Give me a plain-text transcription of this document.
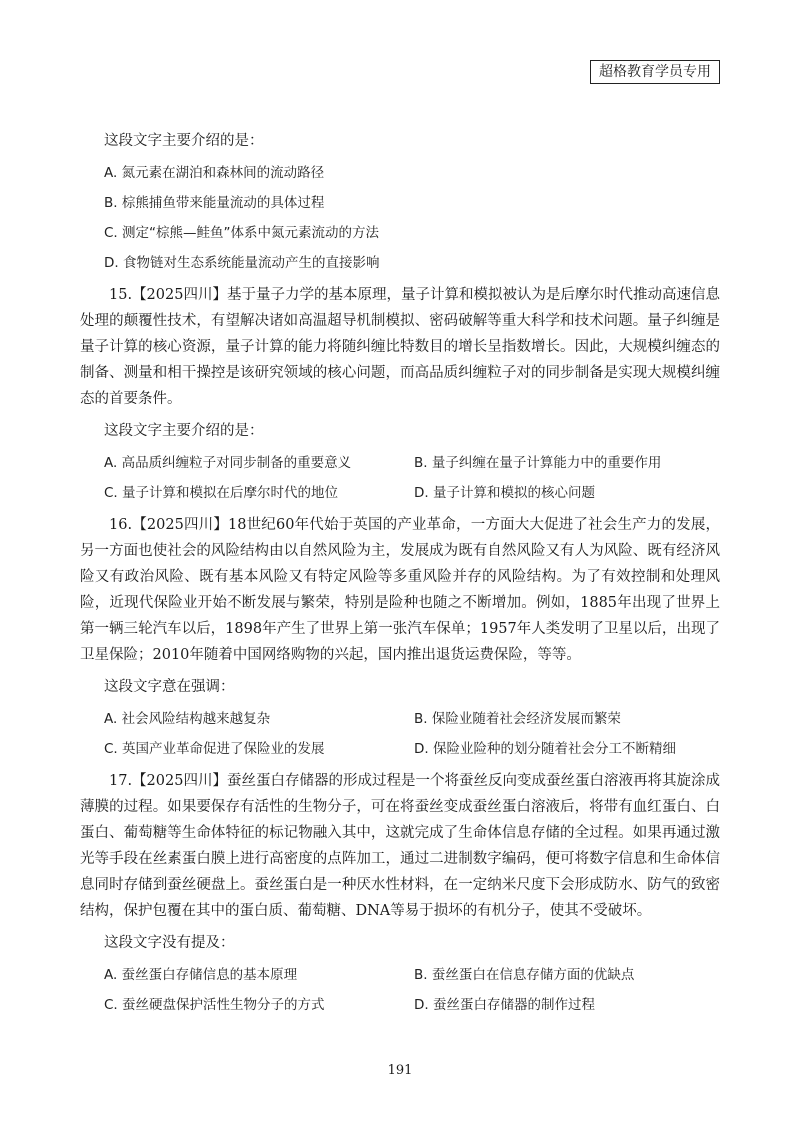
超格教育学员专用

这段文字主要介绍的是：

A. 氮元素在湖泊和森林间的流动路径
B. 棕熊捕鱼带来能量流动的具体过程
C. 测定“棕熊—鲑鱼”体系中氮元素流动的方法
D. 食物链对生态系统能量流动产生的直接影响

15.【2025四川】基于量子力学的基本原理，量子计算和模拟被认为是后摩尔时代推动高速信息处理的颠覆性技术，有望解决诸如高温超导机制模拟、密码破解等重大科学和技术问题。量子纠缠是量子计算的核心资源，量子计算的能力将随纠缠比特数目的增长呈指数增长。因此，大规模纠缠态的制备、测量和相干操控是该研究领域的核心问题，而高品质纠缠粒子对的同步制备是实现大规模纠缠态的首要条件。

这段文字主要介绍的是：

A. 高品质纠缠粒子对同步制备的重要意义	B. 量子纠缠在量子计算能力中的重要作用
C. 量子计算和模拟在后摩尔时代的地位	D. 量子计算和模拟的核心问题

16.【2025四川】18世纪60年代始于英国的产业革命，一方面大大促进了社会生产力的发展，另一方面也使社会的风险结构由以自然风险为主，发展成为既有自然风险又有人为风险、既有经济风险又有政治风险、既有基本风险又有特定风险等多重风险并存的风险结构。为了有效控制和处理风险，近现代保险业开始不断发展与繁荣，特别是险种也随之不断增加。例如，1885年出现了世界上第一辆三轮汽车以后，1898年产生了世界上第一张汽车保单；1957年人类发明了卫星以后，出现了卫星保险；2010年随着中国网络购物的兴起，国内推出退货运费保险，等等。

这段文字意在强调：

A. 社会风险结构越来越复杂	B. 保险业随着社会经济发展而繁荣
C. 英国产业革命促进了保险业的发展	D. 保险业险种的划分随着社会分工不断精细

17.【2025四川】蚕丝蛋白存储器的形成过程是一个将蚕丝反向变成蚕丝蛋白溶液再将其旋涂成薄膜的过程。如果要保存有活性的生物分子，可在将蚕丝变成蚕丝蛋白溶液后，将带有血红蛋白、白蛋白、葡萄糖等生命体特征的标记物融入其中，这就完成了生命体信息存储的全过程。如果再通过激光等手段在丝素蛋白膜上进行高密度的点阵加工，通过二进制数字编码，便可将数字信息和生命体信息同时存储到蚕丝硬盘上。蚕丝蛋白是一种厌水性材料，在一定纳米尺度下会形成防水、防气的致密结构，保护包覆在其中的蛋白质、葡萄糖、DNA等易于损坏的有机分子，使其不受破坏。

这段文字没有提及：

A. 蚕丝蛋白存储信息的基本原理	B. 蚕丝蛋白在信息存储方面的优缺点
C. 蚕丝硬盘保护活性生物分子的方式	D. 蚕丝蛋白存储器的制作过程
191
